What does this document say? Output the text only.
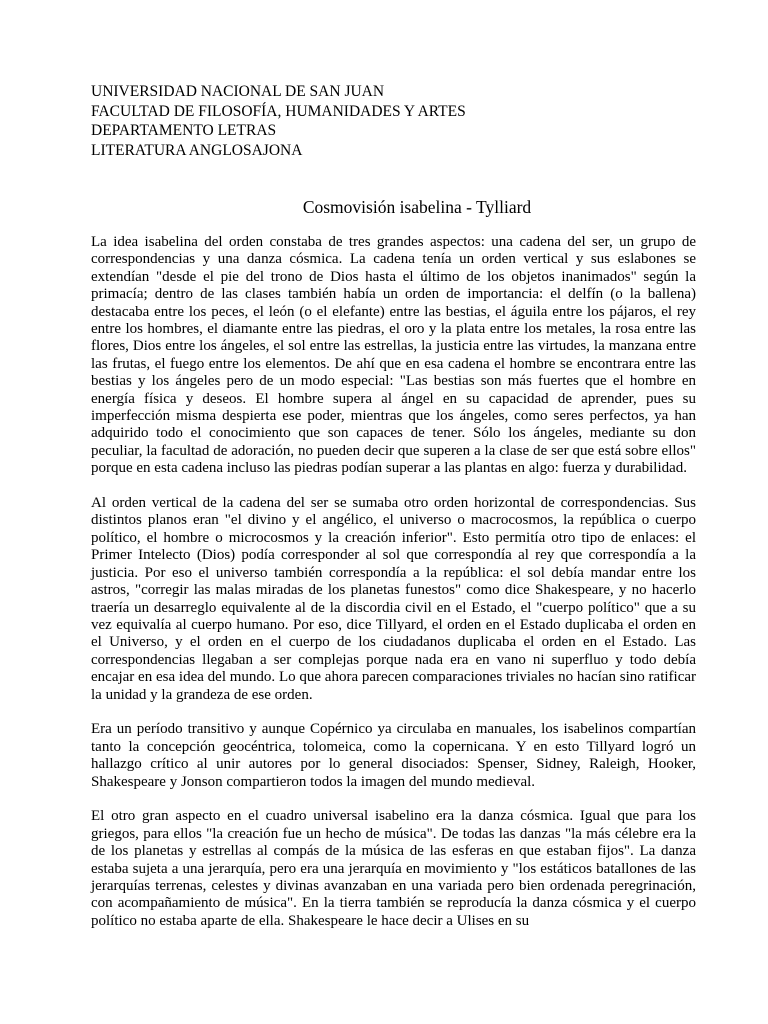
UNIVERSIDAD NACIONAL DE SAN JUAN
FACULTAD DE FILOSOFÍA, HUMANIDADES Y ARTES
DEPARTAMENTO LETRAS
LITERATURA ANGLOSAJONA
Cosmovisión isabelina - Tylliard

La idea isabelina del orden constaba de tres grandes aspectos: una cadena del ser, un grupo de correspondencias y una danza cósmica. La cadena tenía un orden vertical y sus eslabones se extendían "desde el pie del trono de Dios hasta el último de los objetos inanimados" según la primacía; dentro de las clases también había un orden de importancia: el delfín (o la ballena) destacaba entre los peces, el león (o el elefante) entre las bestias, el águila entre los pájaros, el rey entre los hombres, el diamante entre las piedras, el oro y la plata entre los metales, la rosa entre las flores, Dios entre los ángeles, el sol entre las estrellas, la justicia entre las virtudes, la manzana entre las frutas, el fuego entre los elementos. De ahí que en esa cadena el hombre se encontrara entre las bestias y los ángeles pero de un modo especial: "Las bestias son más fuertes que el hombre en energía física y deseos. El hombre supera al ángel en su capacidad de aprender, pues su imperfección misma despierta ese poder, mientras que los ángeles, como seres perfectos, ya han adquirido todo el conocimiento que son capaces de tener. Sólo los ángeles, mediante su don peculiar, la facultad de adoración, no pueden decir que superen a la clase de ser que está sobre ellos" porque en esta cadena incluso las piedras podían superar a las plantas en algo: fuerza y durabilidad.

Al orden vertical de la cadena del ser se sumaba otro orden horizontal de correspondencias. Sus distintos planos eran "el divino y el angélico, el universo o macrocosmos, la república o cuerpo político, el hombre o microcosmos y la creación inferior". Esto permitía otro tipo de enlaces: el Primer Intelecto (Dios) podía corresponder al sol que correspondía al rey que correspondía a la justicia. Por eso el universo también correspondía a la república: el sol debía mandar entre los astros, "corregir las malas miradas de los planetas funestos" como dice Shakespeare, y no hacerlo traería un desarreglo equivalente al de la discordia civil en el Estado, el "cuerpo político" que a su vez equivalía al cuerpo humano. Por eso, dice Tillyard, el orden en el Estado duplicaba el orden en el Universo, y el orden en el cuerpo de los ciudadanos duplicaba el orden en el Estado. Las correspondencias llegaban a ser complejas porque nada era en vano ni superfluo y todo debía encajar en esa idea del mundo. Lo que ahora parecen comparaciones triviales no hacían sino ratificar la unidad y la grandeza de ese orden.

Era un período transitivo y aunque Copérnico ya circulaba en manuales, los isabelinos compartían tanto la concepción geocéntrica, tolomeica, como la copernicana. Y en esto Tillyard logró un hallazgo crítico al unir autores por lo general disociados: Spenser, Sidney, Raleigh, Hooker, Shakespeare y Jonson compartieron todos la imagen del mundo medieval.

El otro gran aspecto en el cuadro universal isabelino era la danza cósmica. Igual que para los griegos, para ellos "la creación fue un hecho de música". De todas las danzas "la más célebre era la de los planetas y estrellas al compás de la música de las esferas en que estaban fijos". La danza estaba sujeta a una jerarquía, pero era una jerarquía en movimiento y "los estáticos batallones de las jerarquías terrenas, celestes y divinas avanzaban en una variada pero bien ordenada peregrinación, con acompañamiento de música". En la tierra también se reproducía la danza cósmica y el cuerpo político no estaba aparte de ella. Shakespeare le hace decir a Ulises en su
